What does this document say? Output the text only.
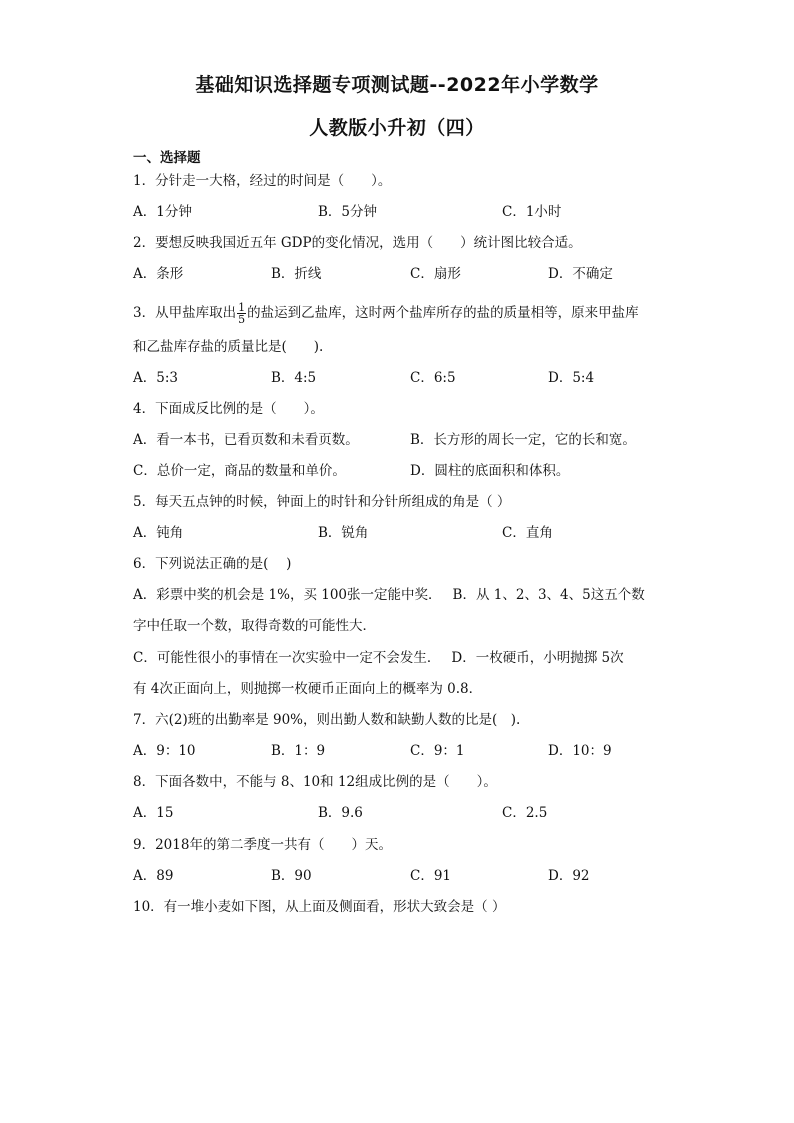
基础知识选择题专项测试题--2022年小学数学
人教版小升初（四）
一、选择题
1．分针走一大格，经过的时间是（　　）。
A．1分钟	B．5分钟	C．1小时
2．要想反映我国近五年 GDP的变化情况，选用（　　）统计图比较合适。
A．条形	B．折线	C．扇形	D．不确定
3．从甲盐库取出 $\frac{1}{5}$ 的盐运到乙盐库，这时两个盐库所存的盐的质量相等，原来甲盐库
和乙盐库存盐的质量比是(　　).
A．5:3	B．4:5	C．6:5	D．5:4
4．下面成反比例的是（　　）。
A．看一本书，已看页数和未看页数。	B．长方形的周长一定，它的长和宽。
C．总价一定，商品的数量和单价。	D．圆柱的底面积和体积。
5．每天五点钟的时候，钟面上的时针和分针所组成的角是（ ）
A．钝角	B．锐角	C．直角
6．下列说法正确的是(　 )
A．彩票中奖的机会是 1%，买 100张一定能中奖．　 B．从 1、2、3、4、5这五个数
字中任取一个数，取得奇数的可能性大．
C．可能性很小的事情在一次实验中一定不会发生．　 D．一枚硬币，小明抛掷 5次
有 4次正面向上，则抛掷一枚硬币正面向上的概率为 0.8．
7．六(2)班的出勤率是 90%，则出勤人数和缺勤人数的比是(　).
A．9：10	B．1：9	C．9：1	D．10：9
8．下面各数中，不能与 8、10和 12组成比例的是（　　）。
A．15	B．9.6	C．2.5
9．2018年的第二季度一共有（　　）天。
A．89	B．90	C．91	D．92
10．有一堆小麦如下图，从上面及侧面看，形状大致会是（ ）
